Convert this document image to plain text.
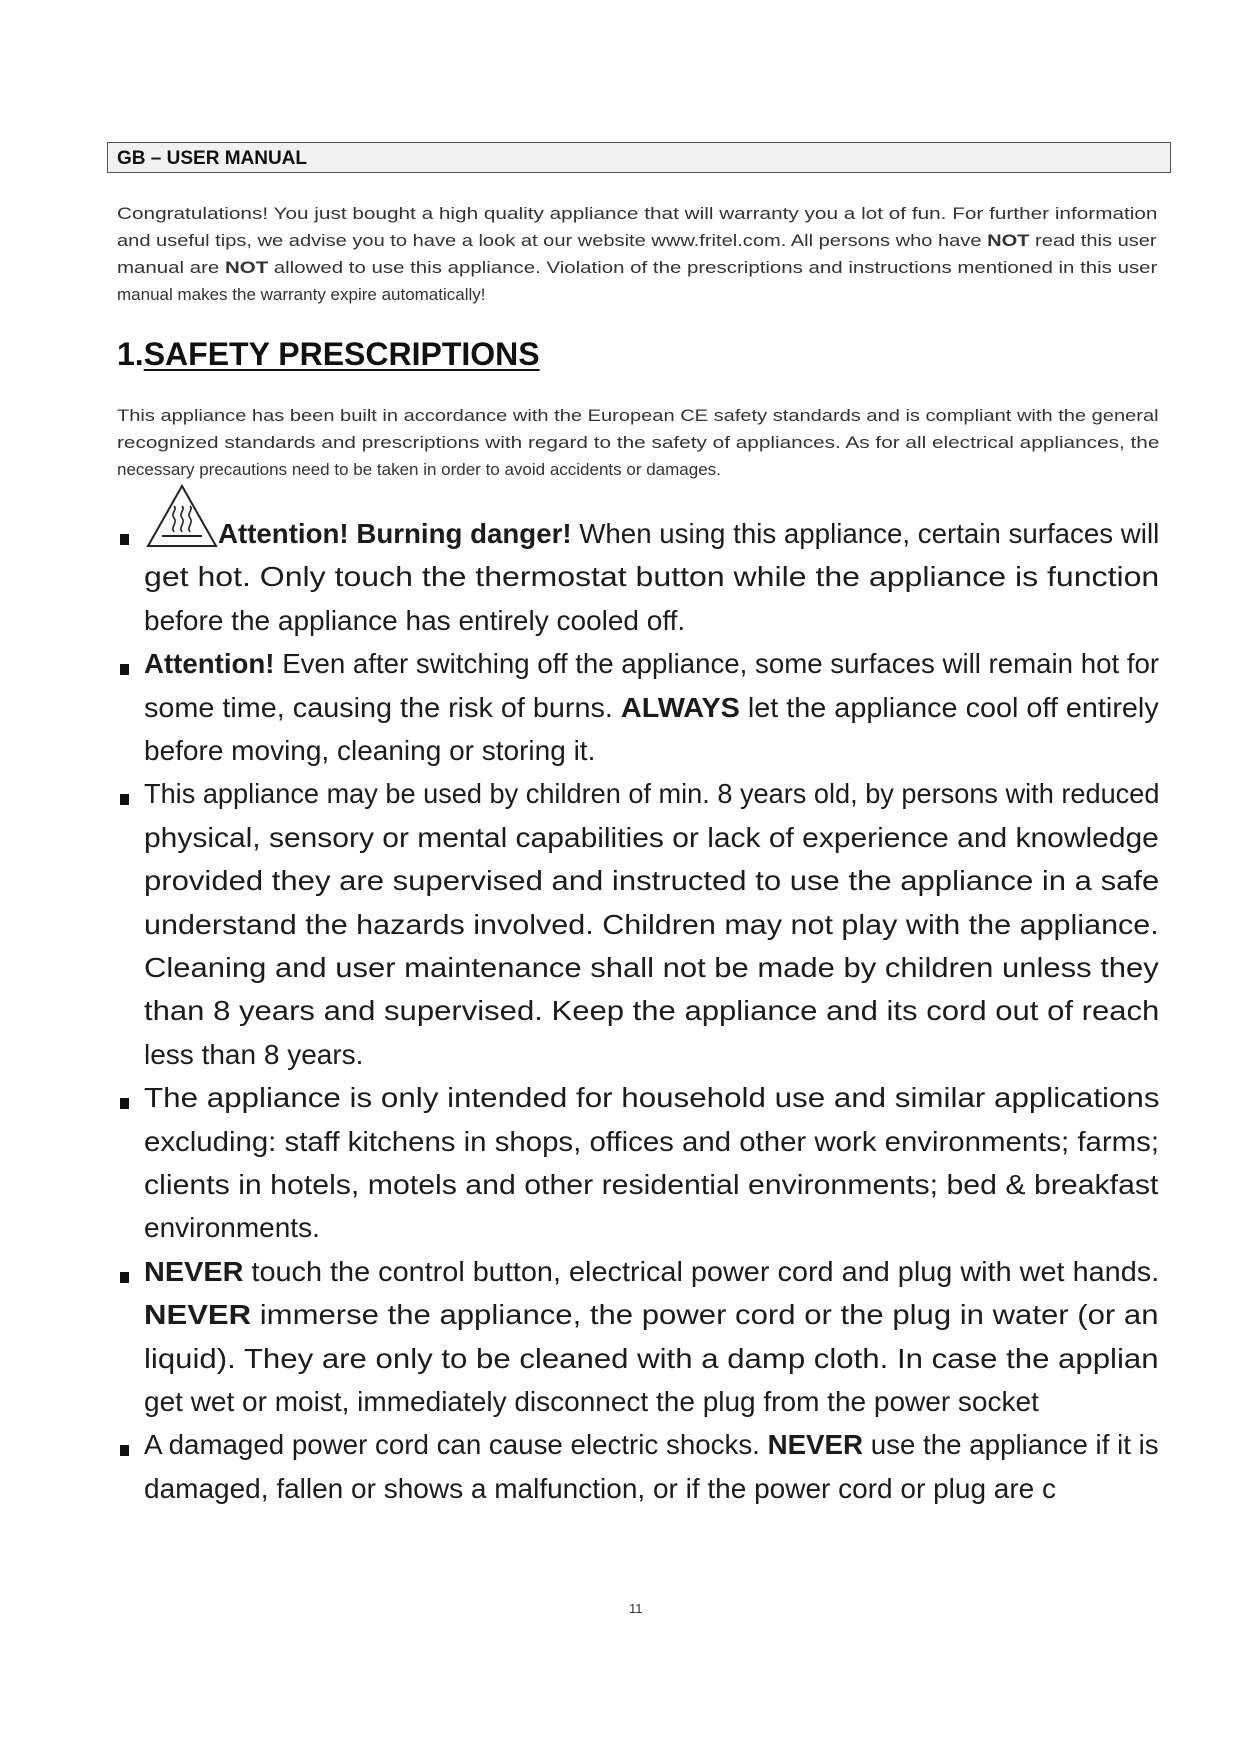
GB – USER MANUAL
Congratulations! You just bought a high quality appliance that will warranty you a lot of fun. For further information
and useful tips, we advise you to have a look at our website www.fritel.com. All persons who have NOT read this user
manual are NOT allowed to use this appliance. Violation of the prescriptions and instructions mentioned in this user
manual makes the warranty expire automatically!
1.SAFETY PRESCRIPTIONS
This appliance has been built in accordance with the European CE safety standards and is compliant with the general
recognized standards and prescriptions with regard to the safety of appliances. As for all electrical appliances, the
necessary precautions need to be taken in order to avoid accidents or damages.
Attention! Burning danger! When using this appliance, certain surfaces will
get hot. Only touch the thermostat button while the appliance is function
before the appliance has entirely cooled off.
Attention! Even after switching off the appliance, some surfaces will remain hot for
some time, causing the risk of burns. ALWAYS let the appliance cool off entirely
before moving, cleaning or storing it.
This appliance may be used by children of min. 8 years old, by persons with reduced
physical, sensory or mental capabilities or lack of experience and knowledge
provided they are supervised and instructed to use the appliance in a safe
understand the hazards involved. Children may not play with the appliance.
Cleaning and user maintenance shall not be made by children unless they
than 8 years and supervised. Keep the appliance and its cord out of reach
less than 8 years.
The appliance is only intended for household use and similar applications
excluding: staff kitchens in shops, offices and other work environments; farms;
clients in hotels, motels and other residential environments; bed & breakfast
environments.
NEVER touch the control button, electrical power cord and plug with wet hands.
NEVER immerse the appliance, the power cord or the plug in water (or an
liquid). They are only to be cleaned with a damp cloth. In case the applian
get wet or moist, immediately disconnect the plug from the power socket
A damaged power cord can cause electric shocks. NEVER use the appliance if it is
damaged, fallen or shows a malfunction, or if the power cord or plug are c
11
